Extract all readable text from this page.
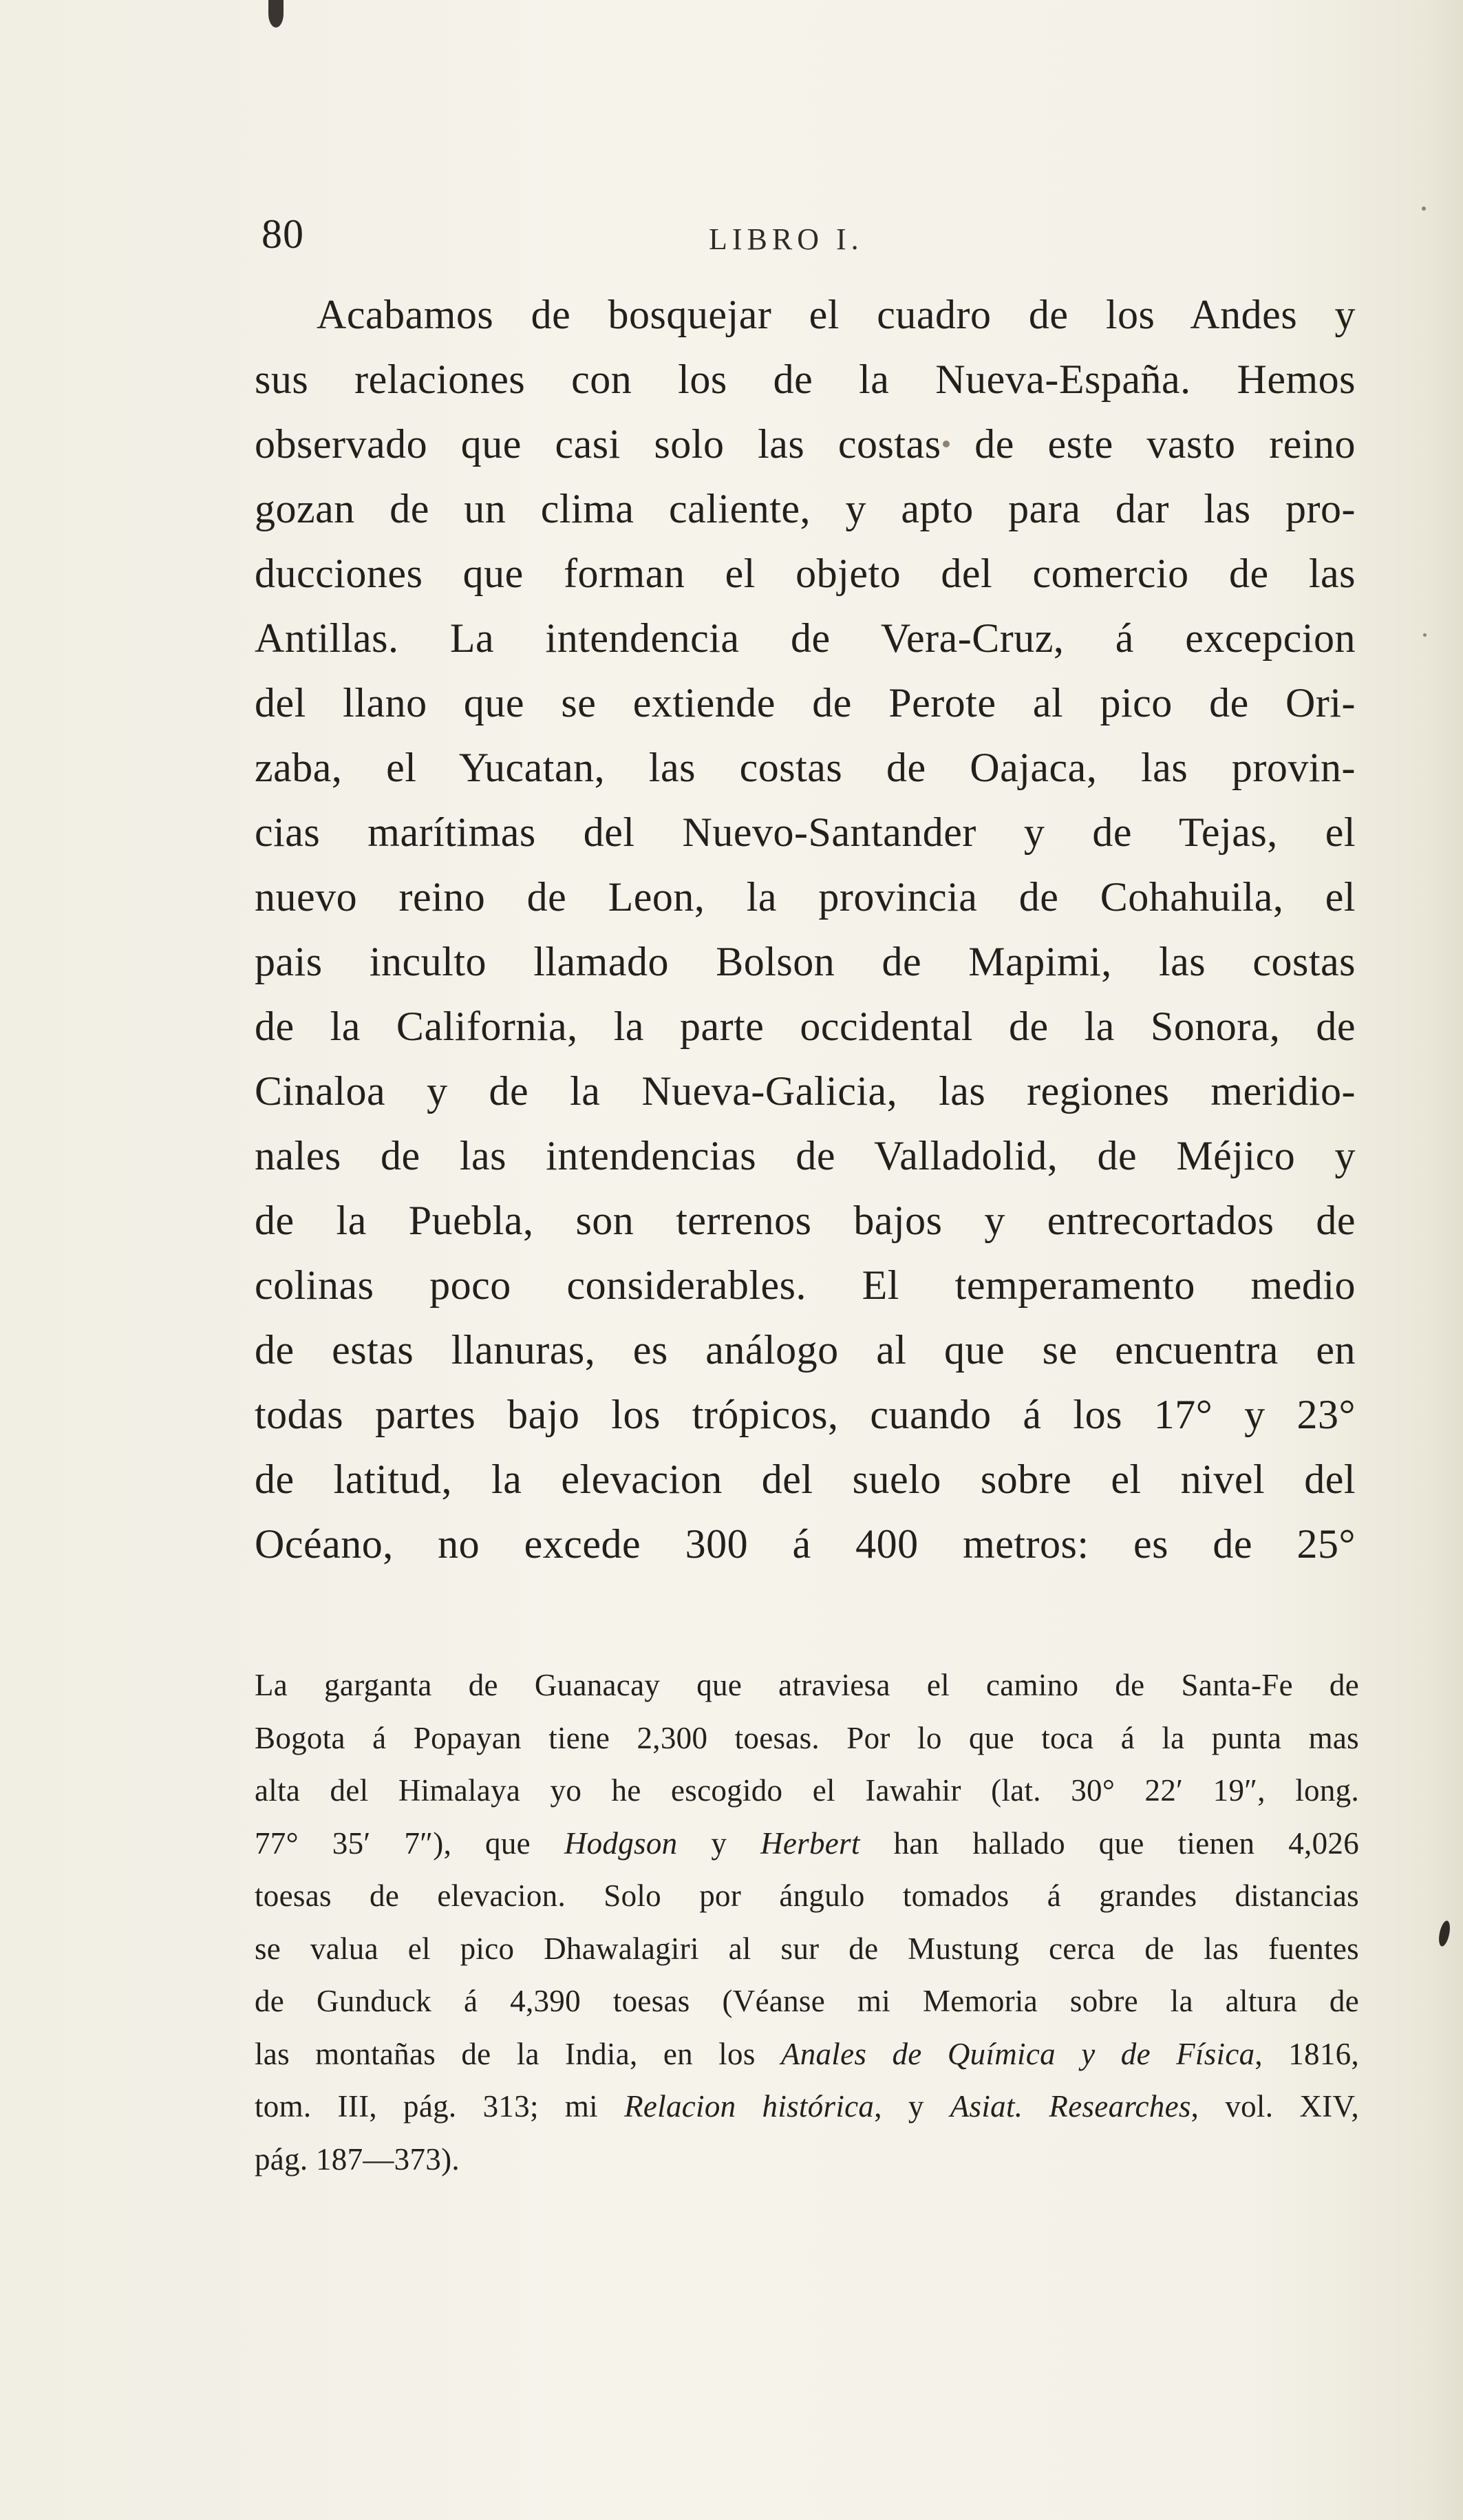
80	LIBRO I.
Acabamos de bosquejar el cuadro de los Andes y
sus relaciones con los de la Nueva-España. Hemos
observado que casi solo las costas de este vasto reino
gozan de un clima caliente, y apto para dar las pro-
ducciones que forman el objeto del comercio de las
Antillas. La intendencia de Vera-Cruz, á excepcion
del llano que se extiende de Perote al pico de Ori-
zaba, el Yucatan, las costas de Oajaca, las provin-
cias marítimas del Nuevo-Santander y de Tejas, el
nuevo reino de Leon, la provincia de Cohahuila, el
pais inculto llamado Bolson de Mapimi, las costas
de la California, la parte occidental de la Sonora, de
Cinaloa y de la Nueva-Galicia, las regiones meridio-
nales de las intendencias de Valladolid, de Méjico y
de la Puebla, son terrenos bajos y entrecortados de
colinas poco considerables. El temperamento medio
de estas llanuras, es análogo al que se encuentra en
todas partes bajo los trópicos, cuando á los 17° y 23°
de latitud, la elevacion del suelo sobre el nivel del
Océano, no excede 300 á 400 metros: es de 25°
La garganta de Guanacay que atraviesa el camino de Santa-Fe de
Bogota á Popayan tiene 2,300 toesas. Por lo que toca á la punta mas
alta del Himalaya yo he escogido el Iawahir (lat. 30° 22′ 19″, long.
77° 35′ 7″), que Hodgson y Herbert han hallado que tienen 4,026
toesas de elevacion. Solo por ángulo tomados á grandes distancias
se valua el pico Dhawalagiri al sur de Mustung cerca de las fuentes
de Gunduck á 4,390 toesas (Véanse mi Memoria sobre la altura de
las montañas de la India, en los Anales de Química y de Física, 1816,
tom. III, pág. 313; mi Relacion histórica, y Asiat. Researches, vol. XIV,
pág. 187—373).
